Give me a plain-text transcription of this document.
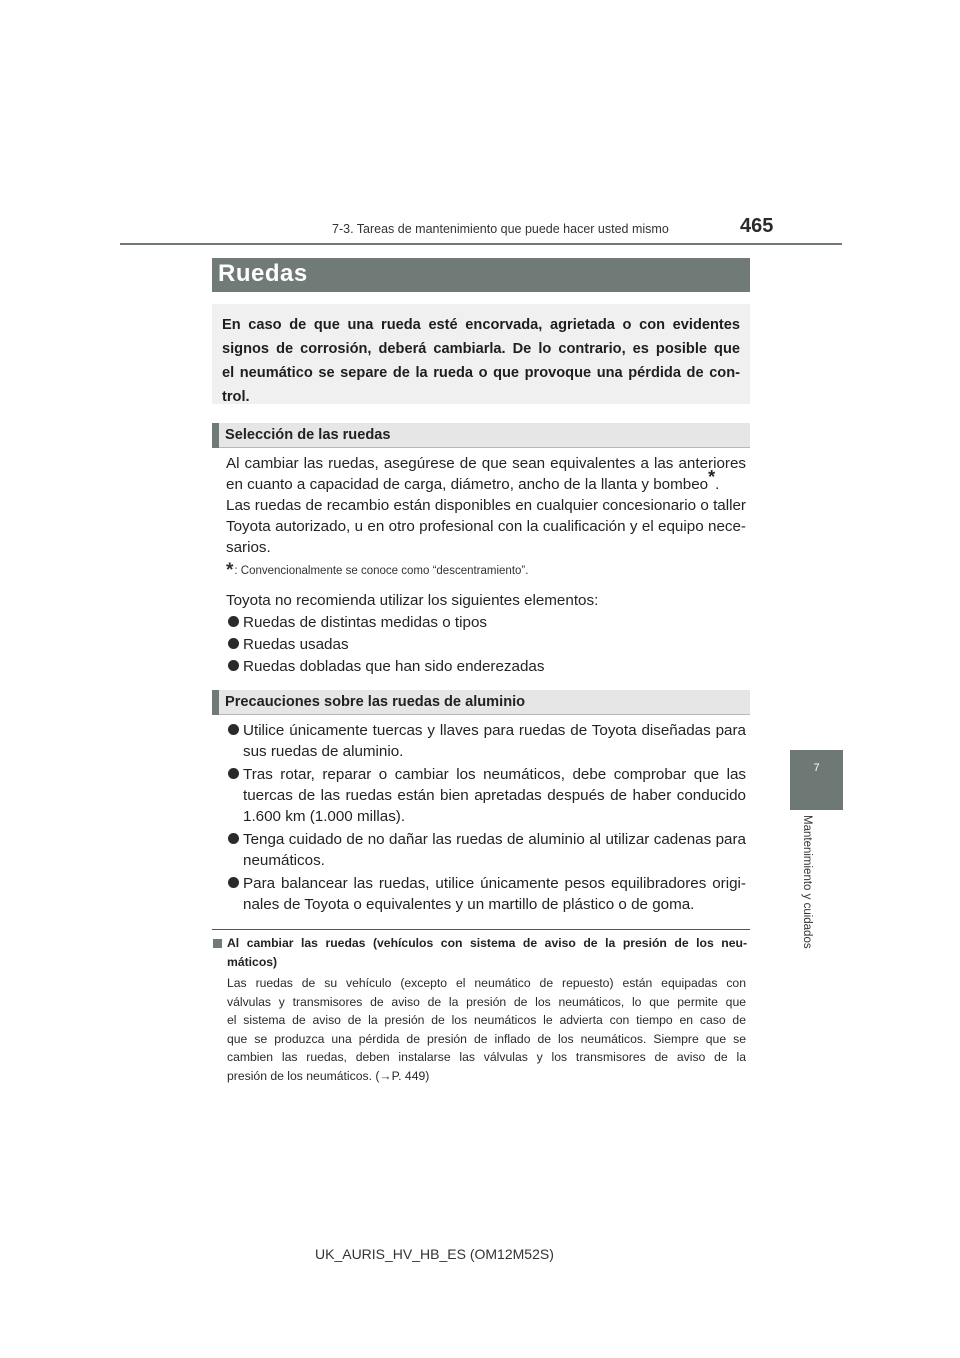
7-3. Tareas de mantenimiento que puede hacer usted mismo	465
7
Mantenimiento y cuidados
Ruedas
En caso de que una rueda esté encorvada, agrietada o con evidentes
signos de corrosión, deberá cambiarla. De lo contrario, es posible que
el neumático se separe de la rueda o que provoque una pérdida de con-
trol.
Selección de las ruedas
Al cambiar las ruedas, asegúrese de que sean equivalentes a las anteriores
en cuanto a capacidad de carga, diámetro, ancho de la llanta y bombeo*.
Las ruedas de recambio están disponibles en cualquier concesionario o taller
Toyota autorizado, u en otro profesional con la cualificación y el equipo nece-
sarios.
*: Convencionalmente se conoce como “descentramiento”.
Toyota no recomienda utilizar los siguientes elementos:
Ruedas de distintas medidas o tipos
Ruedas usadas
Ruedas dobladas que han sido enderezadas
Precauciones sobre las ruedas de aluminio
Utilice únicamente tuercas y llaves para ruedas de Toyota diseñadas para
sus ruedas de aluminio.
Tras rotar, reparar o cambiar los neumáticos, debe comprobar que las
tuercas de las ruedas están bien apretadas después de haber conducido
1.600 km (1.000 millas).
Tenga cuidado de no dañar las ruedas de aluminio al utilizar cadenas para
neumáticos.
Para balancear las ruedas, utilice únicamente pesos equilibradores origi-
nales de Toyota o equivalentes y un martillo de plástico o de goma.
Al cambiar las ruedas (vehículos con sistema de aviso de la presión de los neu-
máticos)
Las ruedas de su vehículo (excepto el neumático de repuesto) están equipadas con
válvulas y transmisores de aviso de la presión de los neumáticos, lo que permite que
el sistema de aviso de la presión de los neumáticos le advierta con tiempo en caso de
que se produzca una pérdida de presión de inflado de los neumáticos. Siempre que se
cambien las ruedas, deben instalarse las válvulas y los transmisores de aviso de la
presión de los neumáticos. (→P. 449)
UK_AURIS_HV_HB_ES (OM12M52S)
